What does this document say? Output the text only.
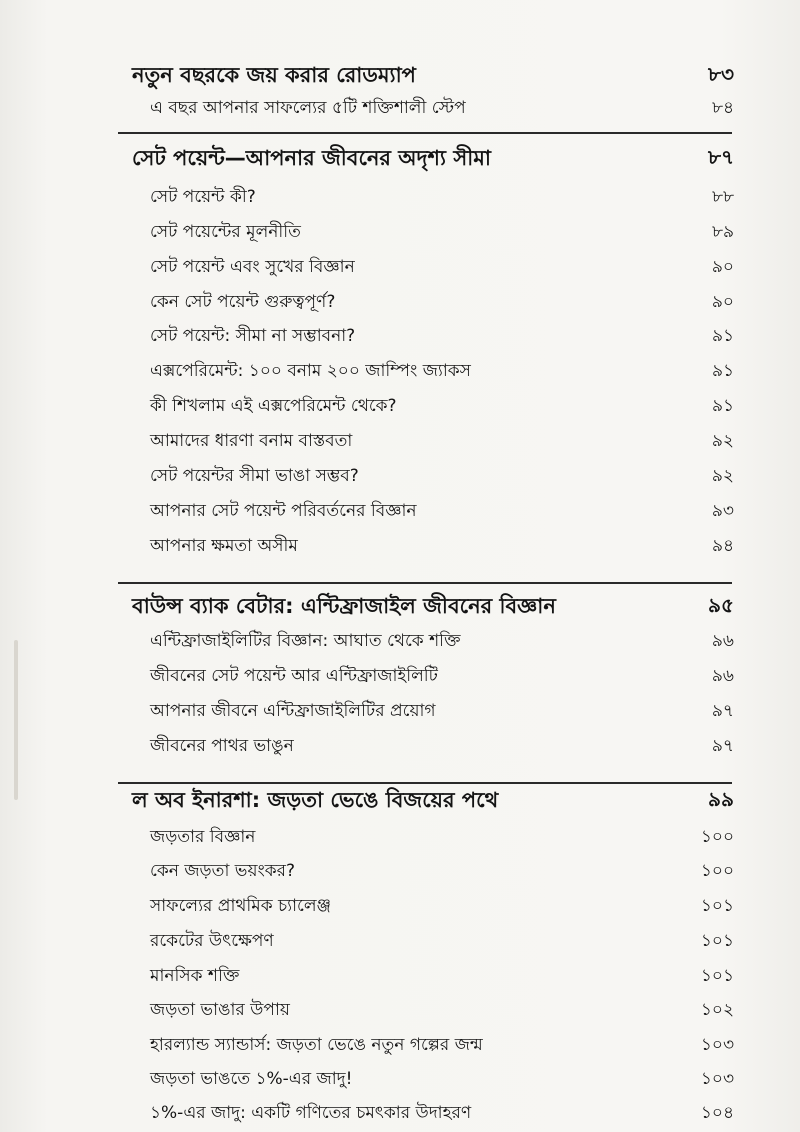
নতুন বছরকে জয় করার রোডম্যাপ	৮৩
এ বছর আপনার সাফল্যের ৫টি শক্তিশালী স্টেপ	৮৪
সেট পয়েন্ট—আপনার জীবনের অদৃশ্য সীমা	৮৭
সেট পয়েন্ট কী?	৮৮
সেট পয়েন্টের মূলনীতি	৮৯
সেট পয়েন্ট এবং সুখের বিজ্ঞান	৯০
কেন সেট পয়েন্ট গুরুত্বপূর্ণ?	৯০
সেট পয়েন্ট: সীমা না সম্ভাবনা?	৯১
এক্সপেরিমেন্ট: ১০০ বনাম ২০০ জাম্পিং জ্যাকস	৯১
কী শিখলাম এই এক্সপেরিমেন্ট থেকে?	৯১
আমাদের ধারণা বনাম বাস্তবতা	৯২
সেট পয়েন্টর সীমা ভাঙা সম্ভব?	৯২
আপনার সেট পয়েন্ট পরিবর্তনের বিজ্ঞান	৯৩
আপনার ক্ষমতা অসীম	৯৪
বাউন্স ব্যাক বেটার: এন্টিফ্রাজাইল জীবনের বিজ্ঞান	৯৫
এন্টিফ্রাজাইলিটির বিজ্ঞান: আঘাত থেকে শক্তি	৯৬
জীবনের সেট পয়েন্ট আর এন্টিফ্রাজাইলিটি	৯৬
আপনার জীবনে এন্টিফ্রাজাইলিটির প্রয়োগ	৯৭
জীবনের পাথর ভাঙুন	৯৭
ল অব ইনারশা: জড়তা ভেঙে বিজয়ের পথে	৯৯
জড়তার বিজ্ঞান	১০০
কেন জড়তা ভয়ংকর?	১০০
সাফল্যের প্রাথমিক চ্যালেঞ্জ	১০১
রকেটের উৎক্ষেপণ	১০১
মানসিক শক্তি	১০১
জড়তা ভাঙার উপায়	১০২
হারল্যান্ড স্যান্ডার্স: জড়তা ভেঙে নতুন গল্পের জন্ম	১০৩
জড়তা ভাঙতে ১%-এর জাদু!	১০৩
১%-এর জাদু: একটি গণিতের চমৎকার উদাহরণ	১০৪
